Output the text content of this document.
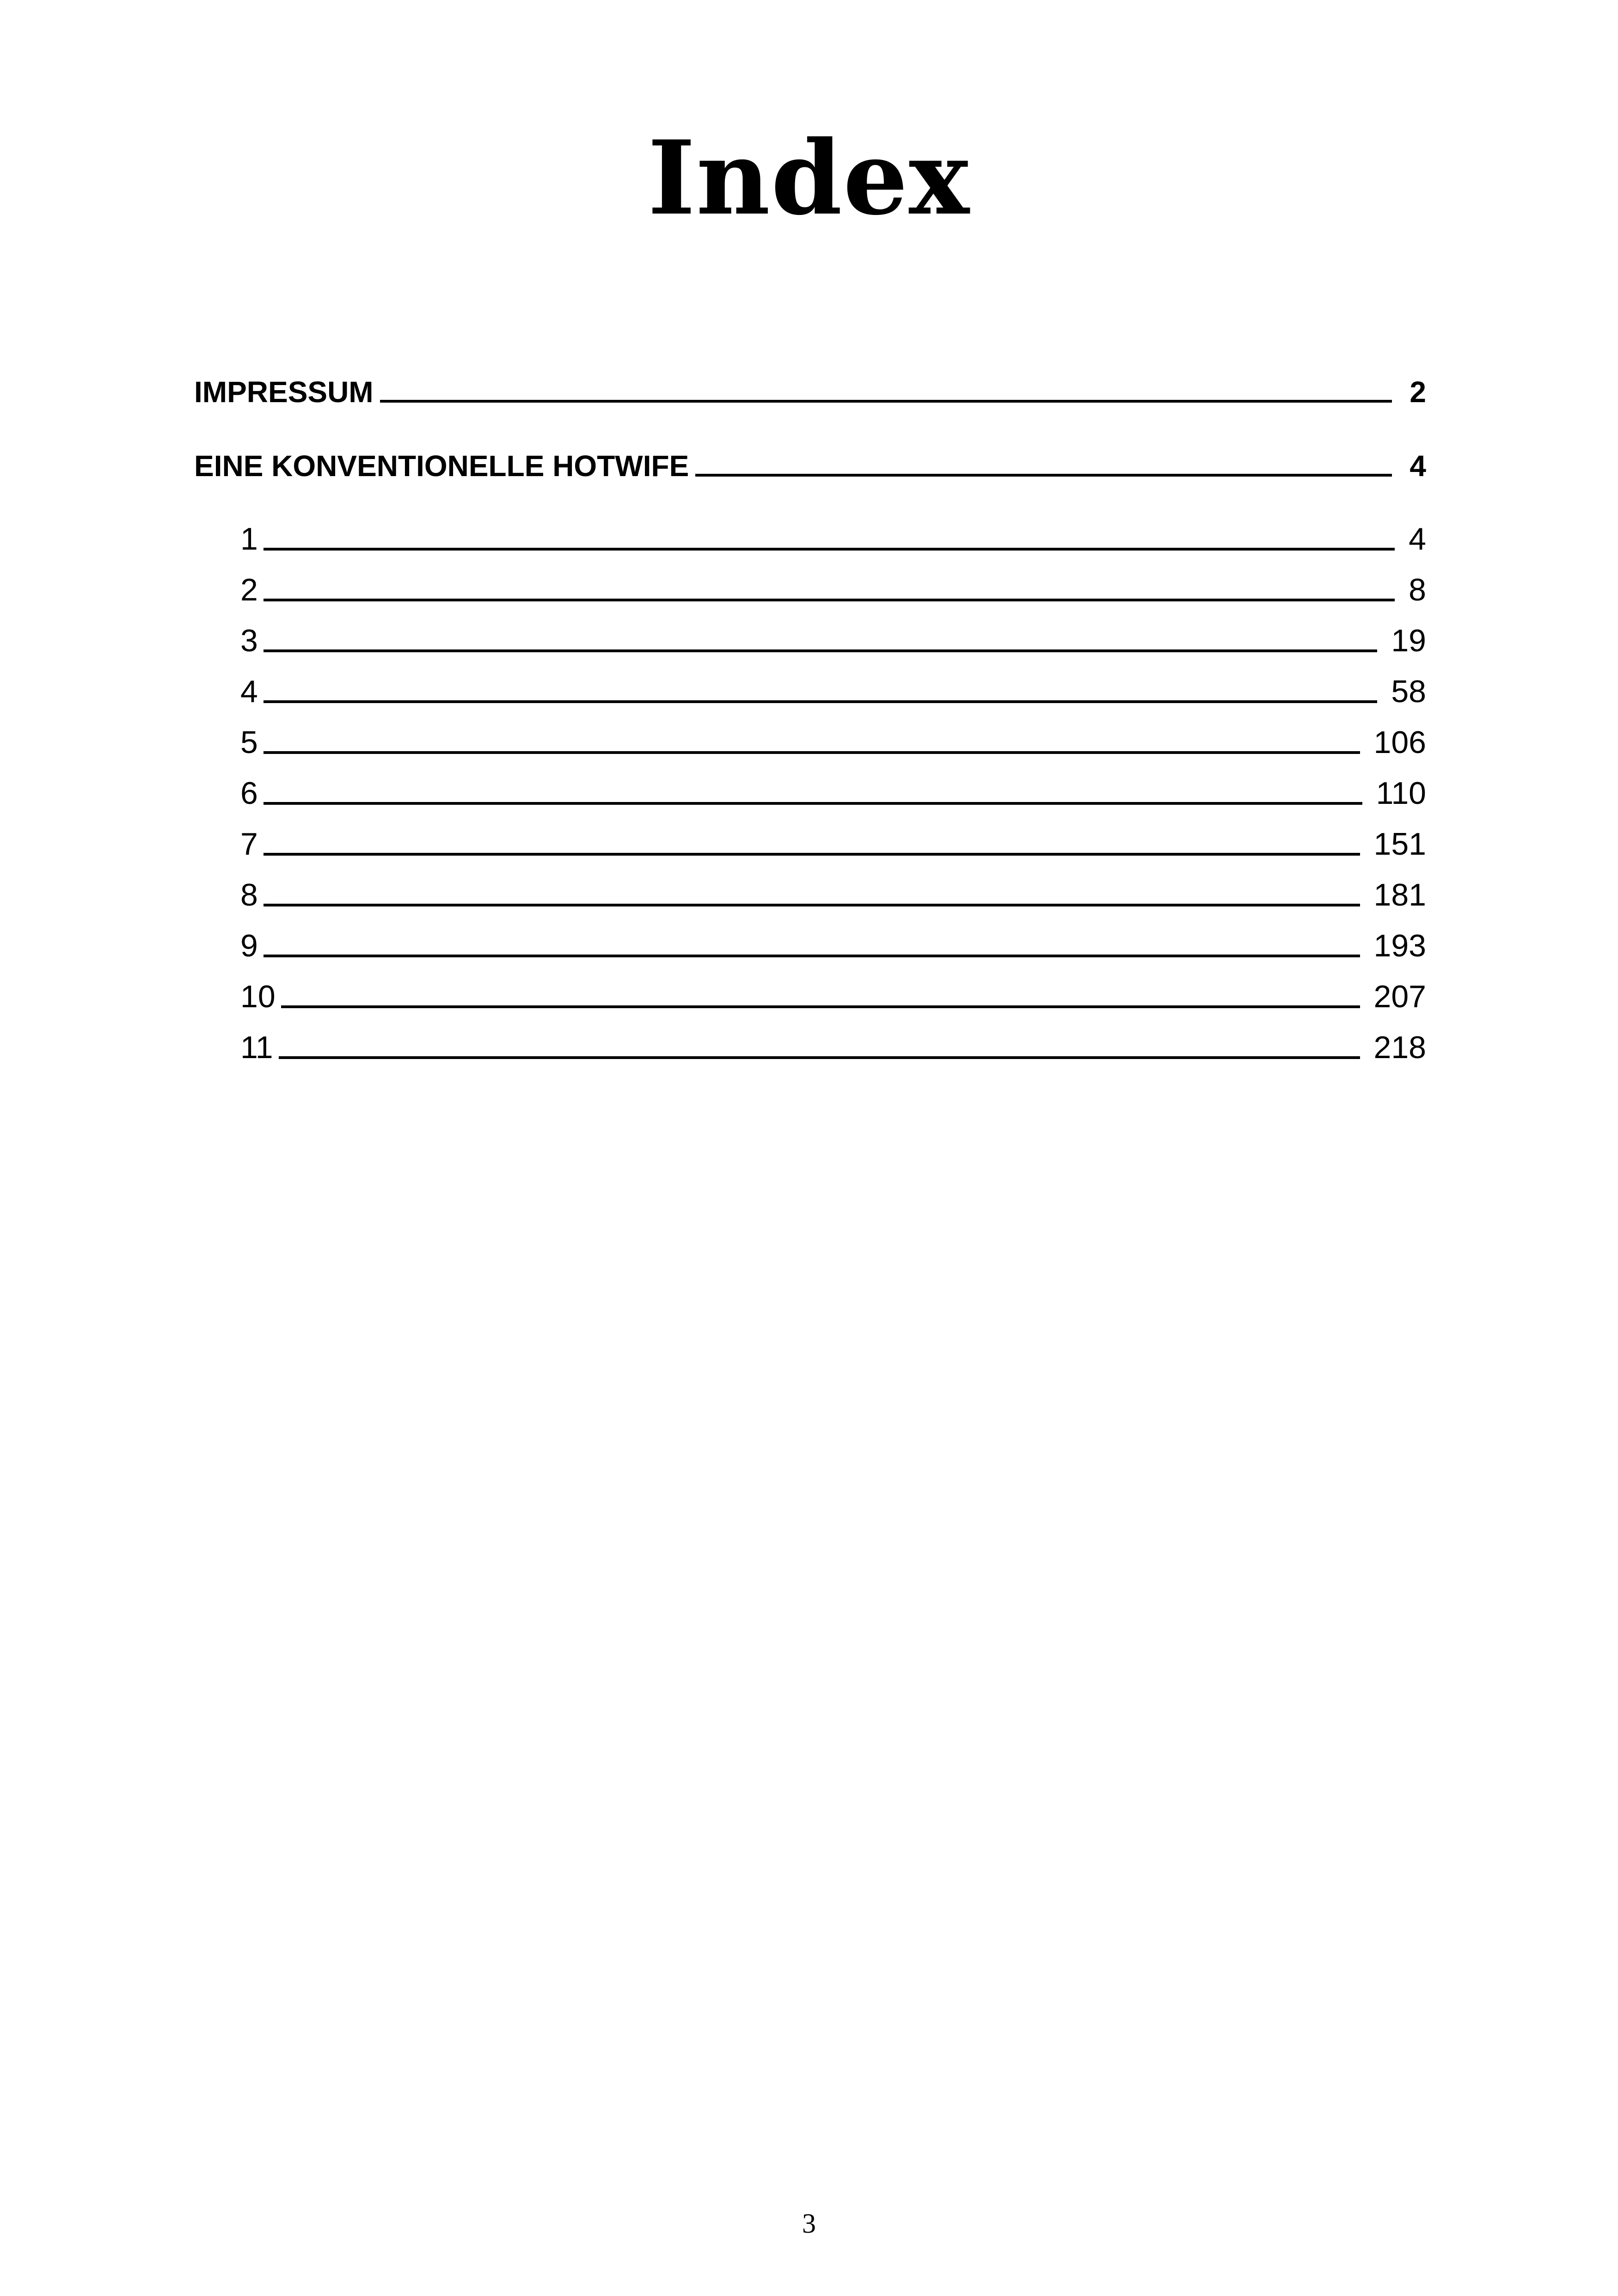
Index
IMPRESSUM	2
EINE KONVENTIONELLE HOTWIFE	4
1	4
2	8
3	19
4	58
5	106
6	110
7	151
8	181
9	193
10	207
11	218
3
